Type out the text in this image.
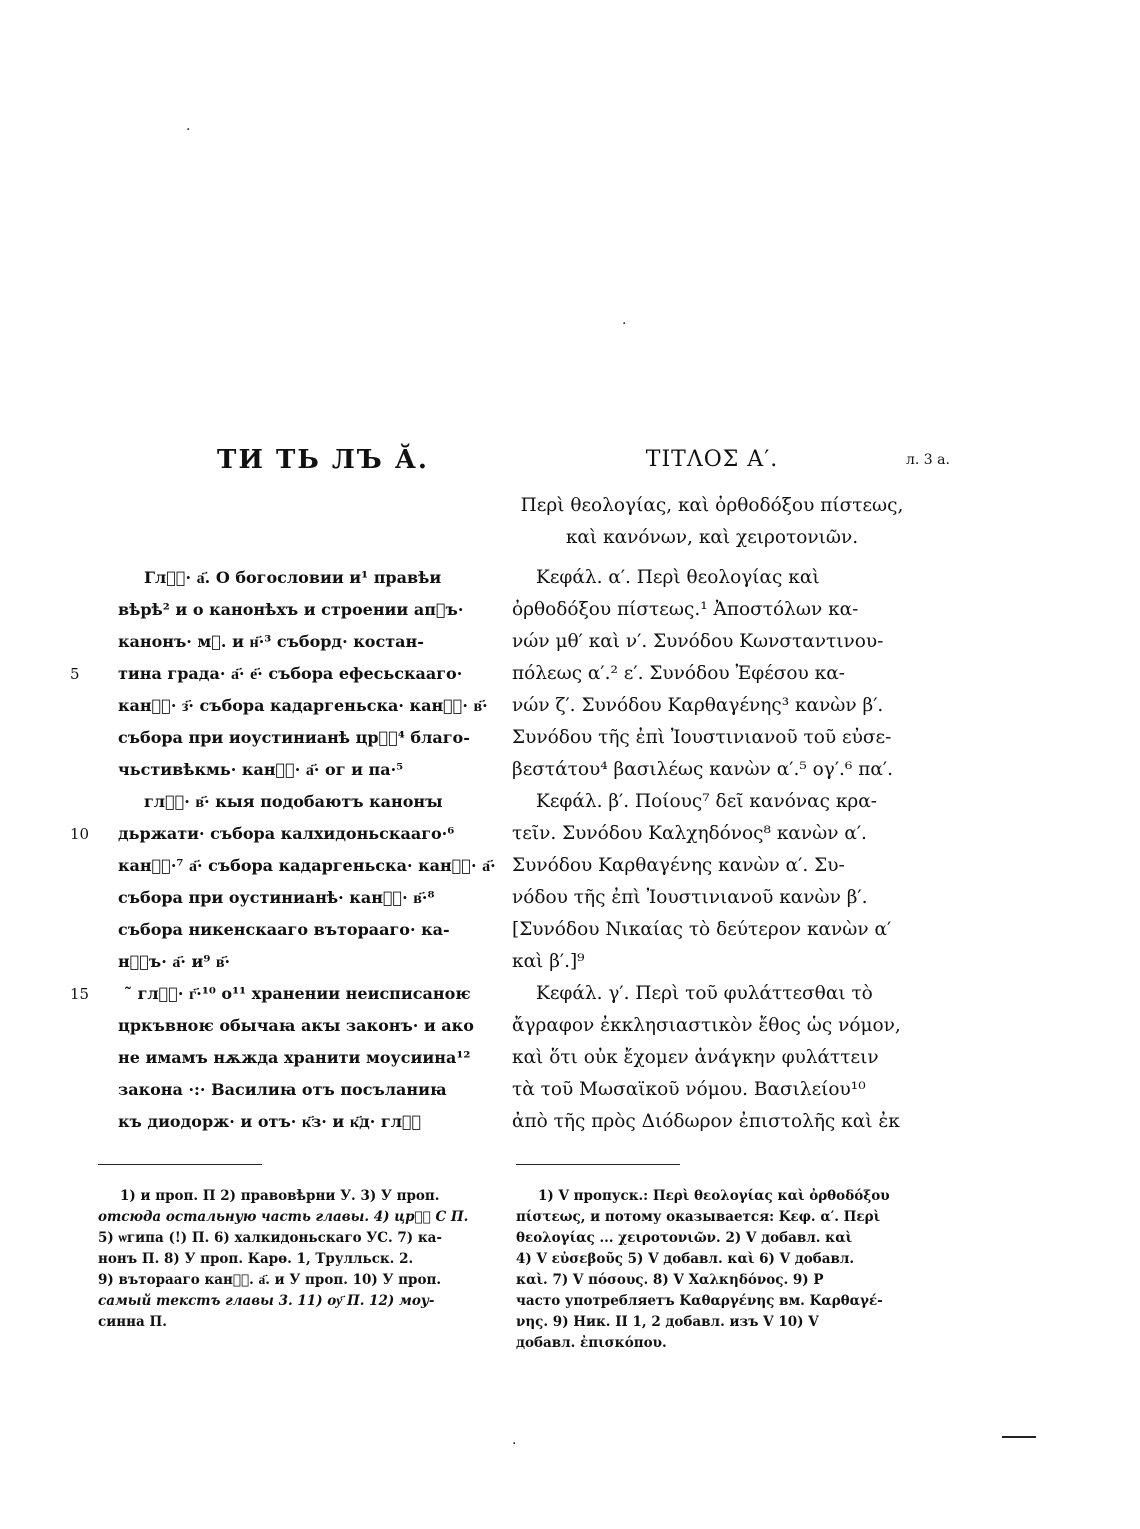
·
·
·
ТИ ТЬ ЛЪ Ӑ.
Глⷡ҇· а҃. О богословии и¹ правѣи
вѣрѣ² и о канонѣхъ и строении апⷧъ·
канонъ· мⷣ. и н҃·³ съборд· костан-
5	тина града· а҃· е҃· събора ефесьскааго·
канⷪ҇· з҃· събора кадаргеньска· канⷪ҇· в҃·
събора при иоустинианѣ црⷭ҇⁴ благо-
чьстивѣкмь· канⷪ҇· а҃· ог и па·⁵
глⷡ҇· в҃· кыя подобаютъ канонꙑ
10	дьржати· събора калхидоньскааго·⁶
канⷪ҇·⁷ а҃· събора кадаргеньска· канⷪ҇· а҃·
събора при оустинианѣ· канⷪ҇· в҃·⁸
събора никенскааго въторааго· ка-
нⷪ҇ъ· а҃· и⁹ в҃·
15	˜ глⷡ҇· г҃·¹⁰ о¹¹ хранении неисписаноѥ
цркъвноѥ обычаꙗ акꙑ законъ· и ако
не имамъ нѫжда хранити моусиина¹²
закона ·:· Василиꙗ отъ посъланиꙗ
къ диодорж· и отъ· к҃з· и к҃д· глⷡ҇
ΤΙΤΛΟΣ Α′.
Περὶ θεολογίας, καὶ ὀρθοδόξου πίστεως,
καὶ κανόνων, καὶ χειροτονιῶν.
Κεφάλ. α′. Περὶ θεολογίας καὶ
ὀρθοδόξου πίστεως.¹ Ἀποστόλων κα-
νών μθ′ καὶ ν′. Συνόδου Κωνσταντινου-
πόλεως α′.² ε′. Συνόδου Ἐφέσου κα-
νών ζ′. Συνόδου Καρθαγένης³ κανὼν β′.
Συνόδου τῆς ἐπὶ Ἰουστινιανοῦ τοῦ εὐσε-
βεστάτου⁴ βασιλέως κανὼν α′.⁵ ογ′.⁶ πα′.
Κεφάλ. β′. Ποίους⁷ δεῖ κανόνας κρα-
τεῖν. Συνόδου Καλχηδόνος⁸ κανὼν α′.
Συνόδου Καρθαγένης κανὼν α′. Συ-
νόδου τῆς ἐπὶ Ἰουστινιανοῦ κανὼν β′.
[Συνόδου Νικαίας τὸ δεύτερον κανὼν α′
καὶ β′.]⁹
Κεφάλ. γ′. Περὶ τοῦ φυλάττεσθαι τὸ
ἄγραφον ἐκκλησιαστικὸν ἔθος ὡς νόμον,
καὶ ὅτι οὐκ ἔχομεν ἀνάγκην φυλάττειν
τὰ τοῦ Μωσαϊκοῦ νόμου. Βασιλείου¹⁰
ἀπὸ τῆς πρὸς Διόδωρον ἐπιστολῆς καὶ ἐκ
л. 3 а.
1) и проп. П 2) правовѣрни У. 3) У проп.
отсюда остальную часть главы. 4) црⷭ҇ С П.
5) ѡгипа (!) П. 6) халкидоньскаго УС. 7) ка-
нонъ П. 8) У проп. Карө. 1, Трулльск. 2.
9) въторааго канⷪ҇. а҃. и У проп. 10) У проп.
самый текстъ главы 3. 11) оу҃ П. 12) моу-
синна П.
1) V пропуск.: Περὶ θεολογίας καὶ ὀρθοδόξου
πίστεως, и потому оказывается: Κεφ. α′. Περὶ
θεολογίας ... χειροτονιῶν. 2) V добавл. καὶ
4) V εὐσεβοῦς 5) V добавл. καὶ 6) V добавл.
καὶ. 7) V πόσους. 8) V Χαλκηδόνος. 9) P
часто употребляетъ Καθαργένης вм. Καρθαγέ-
νης. 9) Ник. II 1, 2 добавл. изъ V 10) V
добавл. ἐπισκόπου.
